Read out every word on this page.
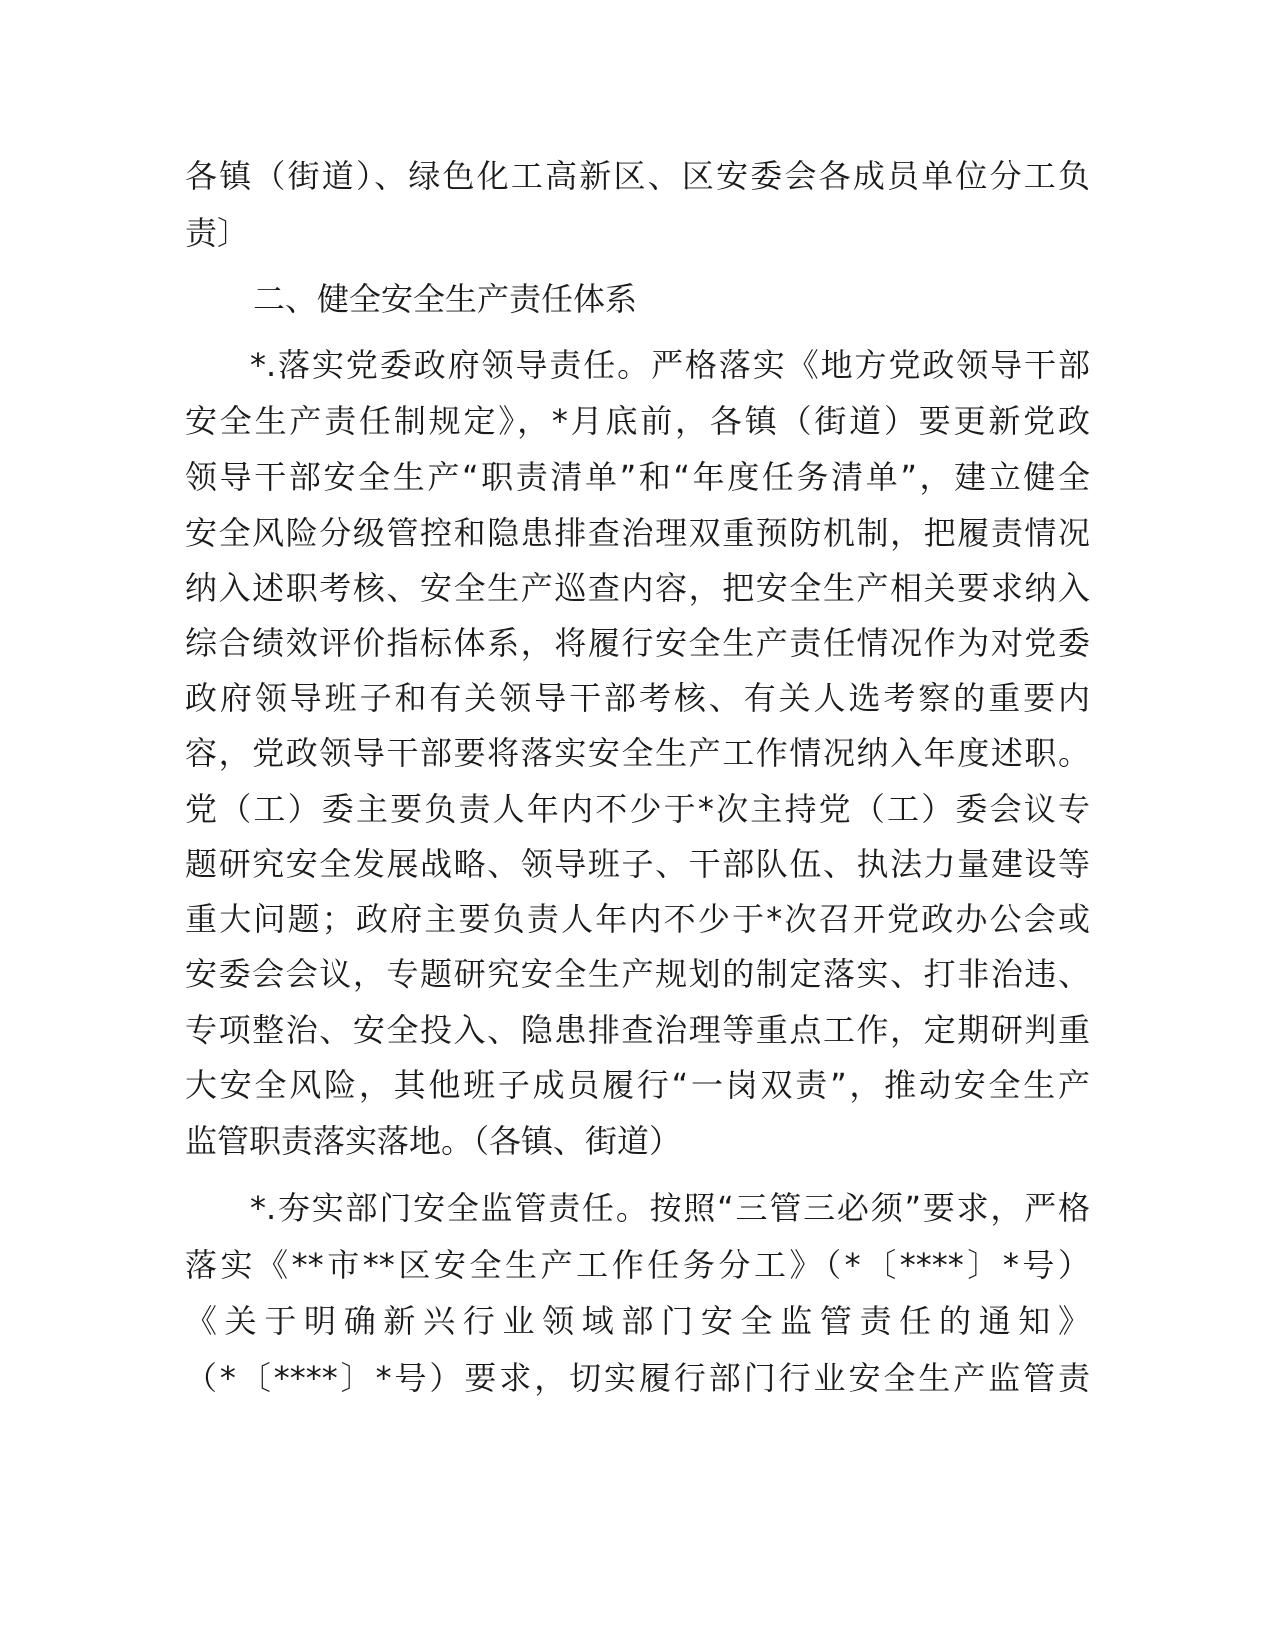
各镇（街道）、绿色化工高新区、区安委会各成员单位分工负
责〕
二、健全安全生产责任体系
*.落实党委政府领导责任。严格落实《地方党政领导干部
安全生产责任制规定》，*月底前，各镇（街道）要更新党政
领导干部安全生产“职责清单”和“年度任务清单”，建立健全
安全风险分级管控和隐患排查治理双重预防机制，把履责情况
纳入述职考核、安全生产巡查内容，把安全生产相关要求纳入
综合绩效评价指标体系，将履行安全生产责任情况作为对党委
政府领导班子和有关领导干部考核、有关人选考察的重要内
容，党政领导干部要将落实安全生产工作情况纳入年度述职。
党（工）委主要负责人年内不少于*次主持党（工）委会议专
题研究安全发展战略、领导班子、干部队伍、执法力量建设等
重大问题；政府主要负责人年内不少于*次召开党政办公会或
安委会会议，专题研究安全生产规划的制定落实、打非治违、
专项整治、安全投入、隐患排查治理等重点工作，定期研判重
大安全风险，其他班子成员履行“一岗双责”，推动安全生产
监管职责落实落地。（各镇、街道）
*.夯实部门安全监管责任。按照“三管三必须”要求，严格
落实《**市**区安全生产工作任务分工》（*〔****〕*号）
《关于明确新兴行业领域部门安全监管责任的通知》
（*〔****〕*号）要求，切实履行部门行业安全生产监管责
